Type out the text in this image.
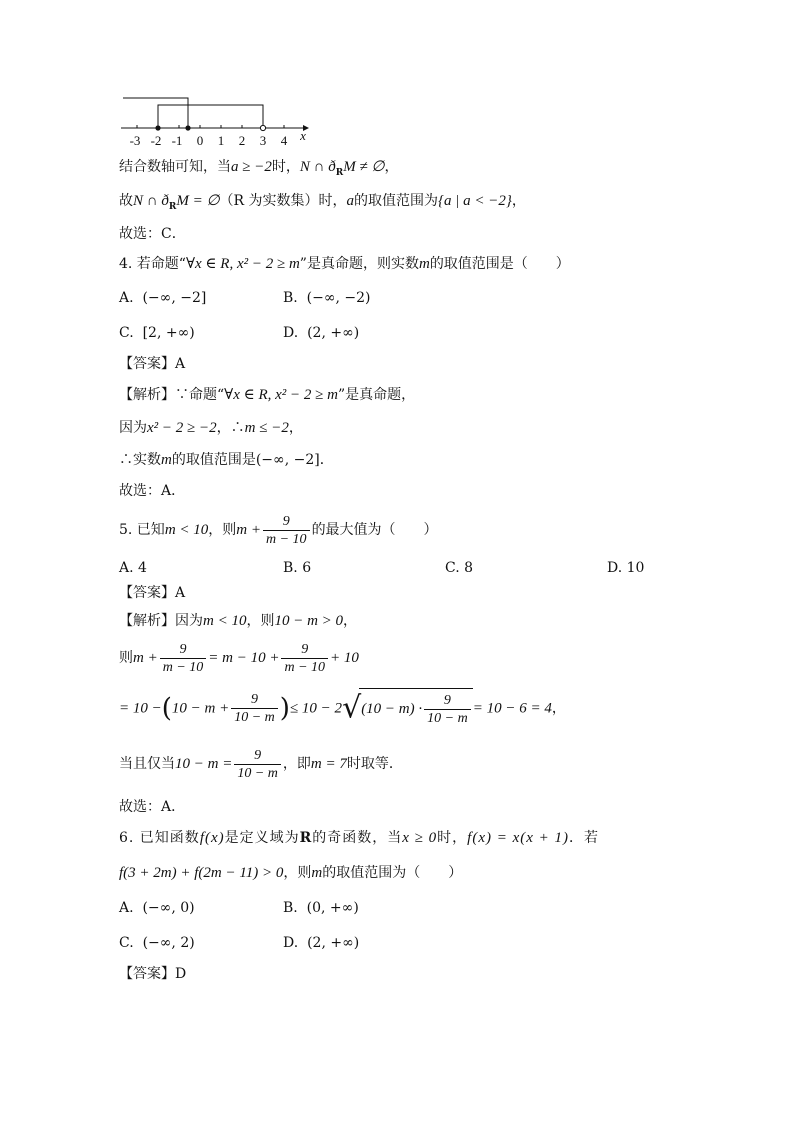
-3 -2 -1 0 1 2 3 4 x
结合数轴可知，当a ≥ −2时，N ∩ $ð_RM$ ≠ ∅，
故N ∩ $ð_RM$ = ∅（R 为实数集）时，a的取值范围为{a | a < −2}，
故选：C．
4. 若命题“∀x ∈ R, x² − 2 ≥ m”是真命题，则实数m的取值范围是（　　）
A. (−∞, −2]	B. (−∞, −2)
C. [2, +∞)	D. (2, +∞)
【答案】A
【解析】∵命题“∀x ∈ R, x² − 2 ≥ m”是真命题，
因为x² − 2 ≥ −2，∴m ≤ −2，
∴实数m的取值范围是(−∞, −2]．
故选：A．
5. 已知m < 10，则$m + \frac{9}{m - 10}$ 的最大值为（　　）
A. 4	B. 6	C. 8	D. 10
【答案】A
【解析】因为m < 10，则10 − m > 0，
则$m + \frac{9}{m - 10} = m - 10 + \frac{9}{m - 10} + 10$
= $10 -(10 - m + \frac{9}{10 - m}$ )≤ $10 - 2√(10 - m) \cdot \frac{9}{10 - m} = 10 - 6 = 4$，
当且仅当$10 - m = \frac{9}{10 - m}$ ，即m = 7时取等．
故选：A．
6. 已知函数f(x)是定义域为R的奇函数，当x ≥ 0时，f(x) = x(x + 1)．若
f(3 + 2m) + f(2m − 11) > 0，则m的取值范围为（　　）
A. (−∞, 0)	B. (0, +∞)
C. (−∞, 2)	D. (2, +∞)
【答案】D
